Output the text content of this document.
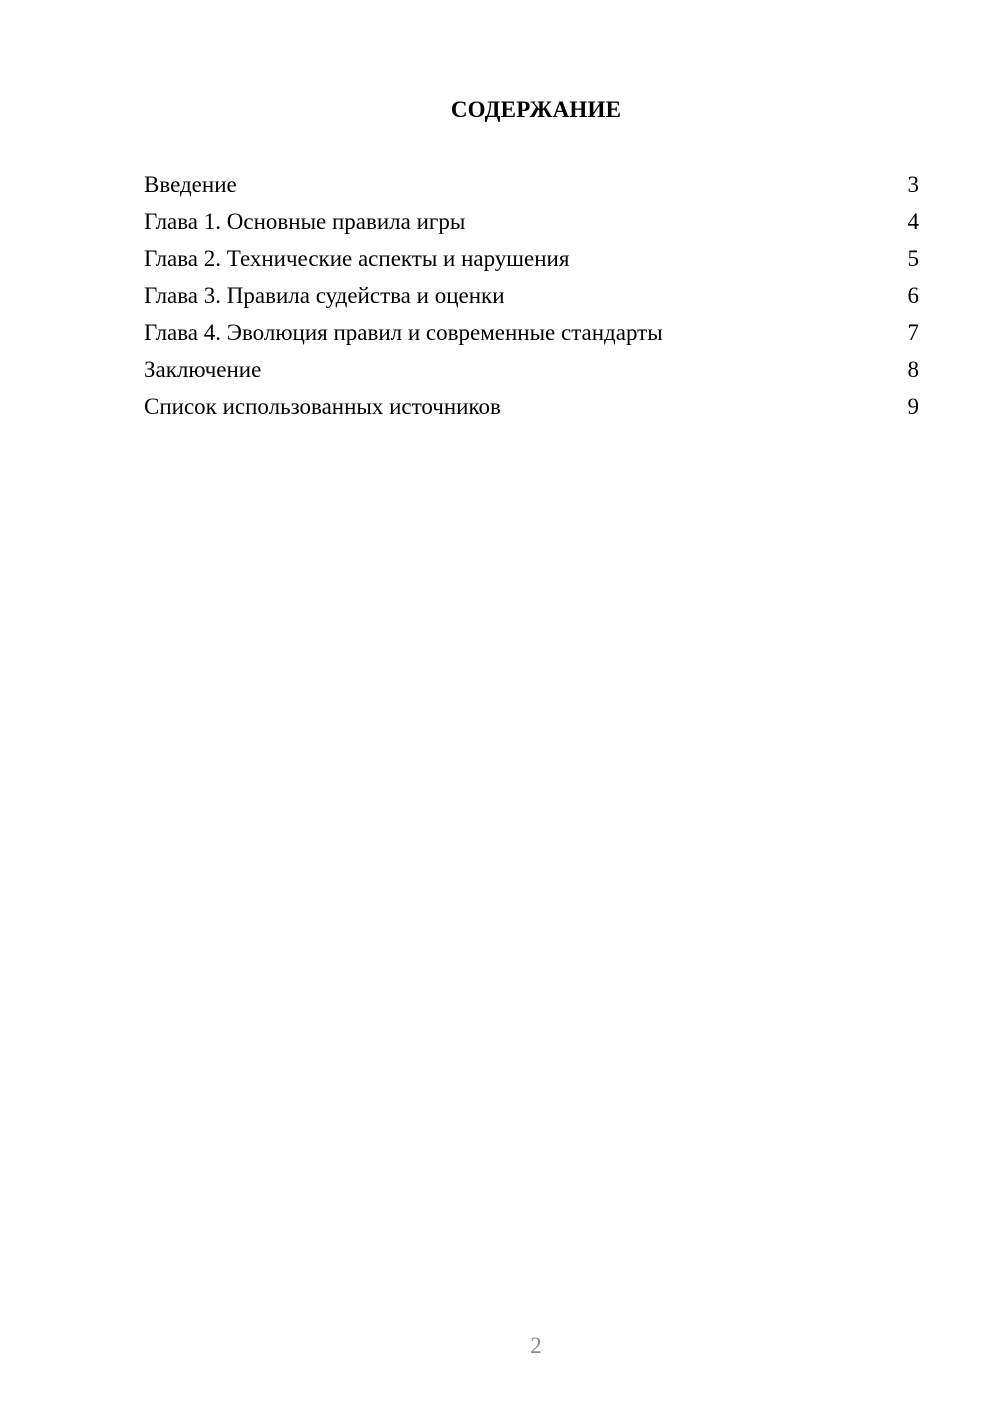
СОДЕРЖАНИЕ
Введение	3
Глава 1. Основные правила игры	4
Глава 2. Технические аспекты и нарушения	5
Глава 3. Правила судейства и оценки	6
Глава 4. Эволюция правил и современные стандарты	7
Заключение	8
Список использованных источников	9
2
